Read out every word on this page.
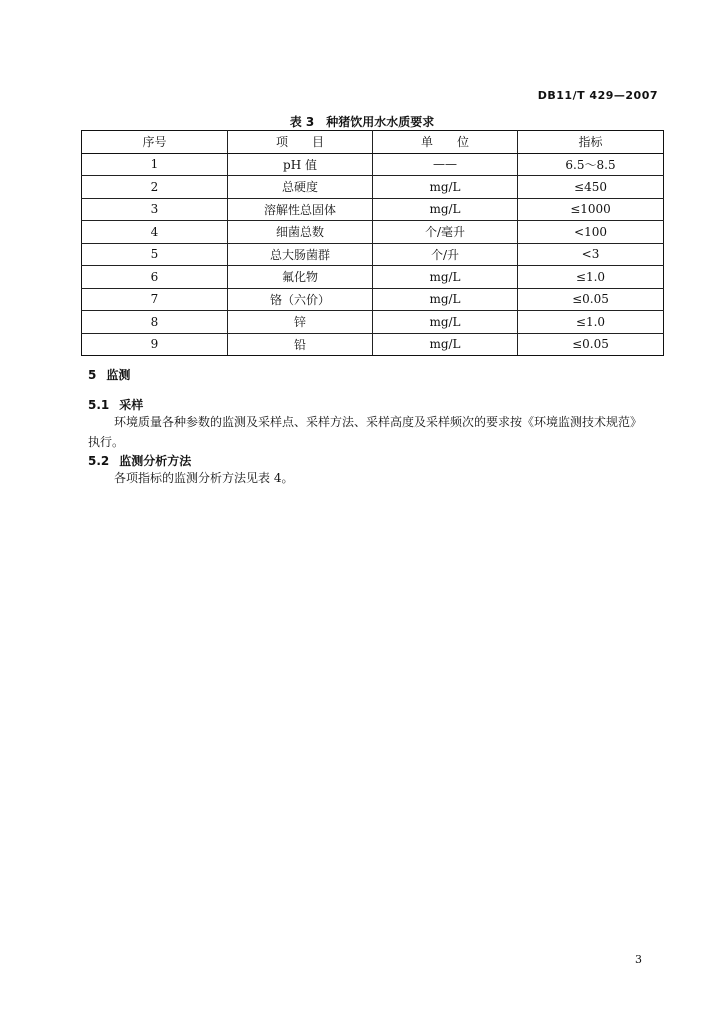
DB11/T 429—2007
表 3　种猪饮用水水质要求
序号	项　　目	单　　位	指标
1	pH 值	——	6.5～8.5
2	总硬度	mg/L	≤450
3	溶解性总固体	mg/L	≤1000
4	细菌总数	个/毫升	<100
5	总大肠菌群	个/升	<3
6	氟化物	mg/L	≤1.0
7	铬（六价）	mg/L	≤0.05
8	锌	mg/L	≤1.0
9	铅	mg/L	≤0.05
5 监测
5.1 采样
环境质量各种参数的监测及采样点、采样方法、采样高度及采样频次的要求按《环境监测技术规范》
执行。
5.2 监测分析方法
各项指标的监测分析方法见表 4。
3
